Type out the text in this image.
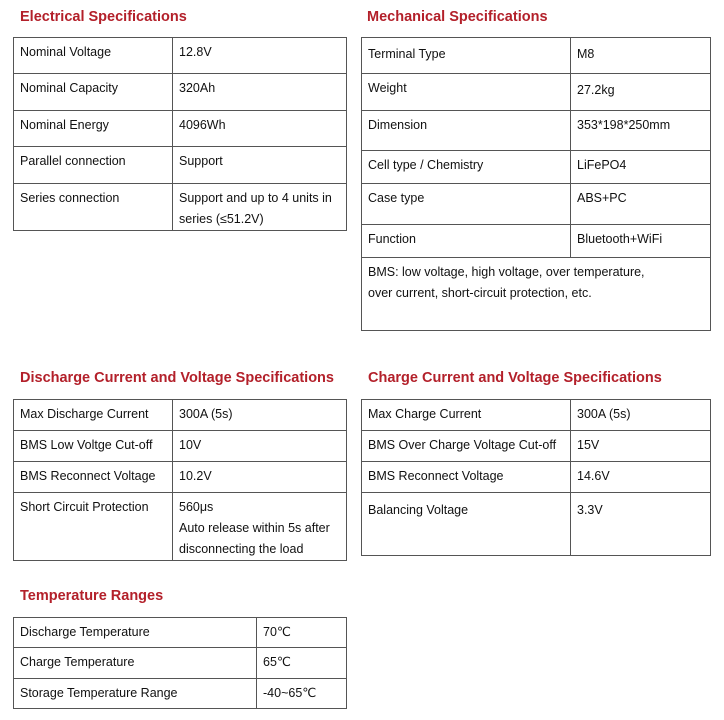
Electrical Specifications
Nominal Voltage	12.8V
Nominal Capacity	320Ah
Nominal Energy	4096Wh
Parallel connection	Support
Series connection	Support and up to 4 units in
series (≤51.2V)
Mechanical Specifications
Terminal Type	M8
Weight	27.2kg
Dimension	353*198*250mm
Cell type / Chemistry	LiFePO4
Case type	ABS+PC
Function	Bluetooth+WiFi

BMS: low voltage, high voltage, over temperature,
over current, short-circuit protection, etc.	
Discharge Current and Voltage Specifications
Max Discharge Current	300A (5s)
BMS Low Voltge Cut-off	10V
BMS Reconnect Voltage	10.2V
Short Circuit Protection	560μs
Auto release within 5s after
disconnecting the load
Charge Current and Voltage Specifications
Max Charge Current	300A (5s)
BMS Over Charge Voltage Cut-off	15V
BMS Reconnect Voltage	14.6V
Balancing Voltage	3.3V
Temperature Ranges
Discharge Temperature	70℃
Charge Temperature	65℃
Storage Temperature Range	-40~65℃
